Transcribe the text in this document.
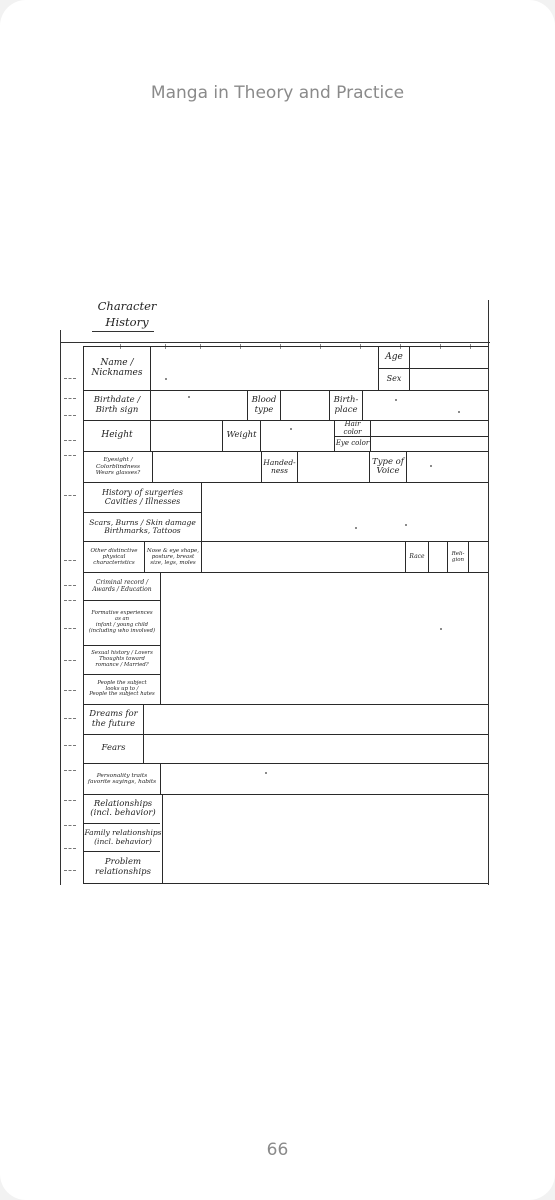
Manga in Theory and Practice
Character
History
Name /
Nicknames
Age
Sex
Birthdate /
Birth sign
Blood
type
Birth-
place
Height	Weight
Hair color
Eye color
Eyesight /
Colorblindness
Wears glasses?
Handed-
ness
Type of
Voice
History of surgeries
Cavities / Illnesses
Scars, Burns / Skin damage
Birthmarks, Tattoos
Other distinctive
physical
characteristics
Nose & eye shape,
posture, breast
size, legs, moles
Race	Reli-
gion
Criminal record /
Awards / Education
Formative experiences
as an
infant / young child
(including who involved)
Sexual history / Lovers
Thoughts toward
romance / Married?
People the subject
looks up to /
People the subject hates
Dreams for
the future
Fears
Personality traits
favorite sayings, habits
Relationships
(incl. behavior)
Family relationships
(incl. behavior)
Problem
relationships
66
